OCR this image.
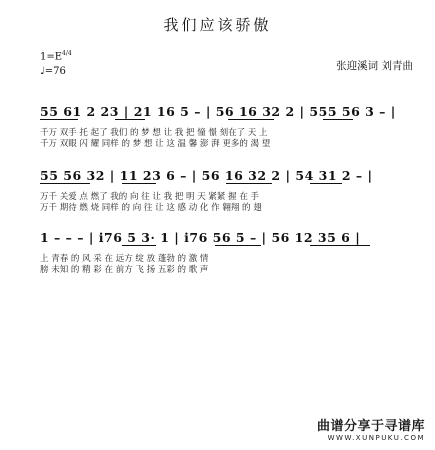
我们应该骄傲
$1=E^{4/4}$
♩=76	张迎溪词 刘青曲
55 61 2 23 | 21 16 5 – | 56 16 32 2 | 555 56 3 – |
千万 双手 托 起了 我们 的 梦 想 让 我 把 憧 憬 刻在了 天 上
千万 双眼 闪 耀 同样 的 梦 想 让 这 温 馨 澎 湃 更多的 渴 望
55 56 32 | 11 23 6 – | 56 16 32 2 | 54 31 2 – |
万千 关爱 点 燃了 我的 向 往 让 我 把 明 天 紧紧 握 在 手
万千 期待 燃 烧 同样 的 向 往 让 这 感 动 化 作 翱翔 的 翅
1 – – – | i76 5 3· 1 | i76 56 5 – | 56 12 35 6 |
上 青春 的 风 采 在 远方 绽 放 蓬勃 的 激 情
膀 未知 的 精 彩 在 前方 飞 扬 五彩 的 歌 声
曲谱分享于寻谱库
WWW.XUNPUKU.COM
